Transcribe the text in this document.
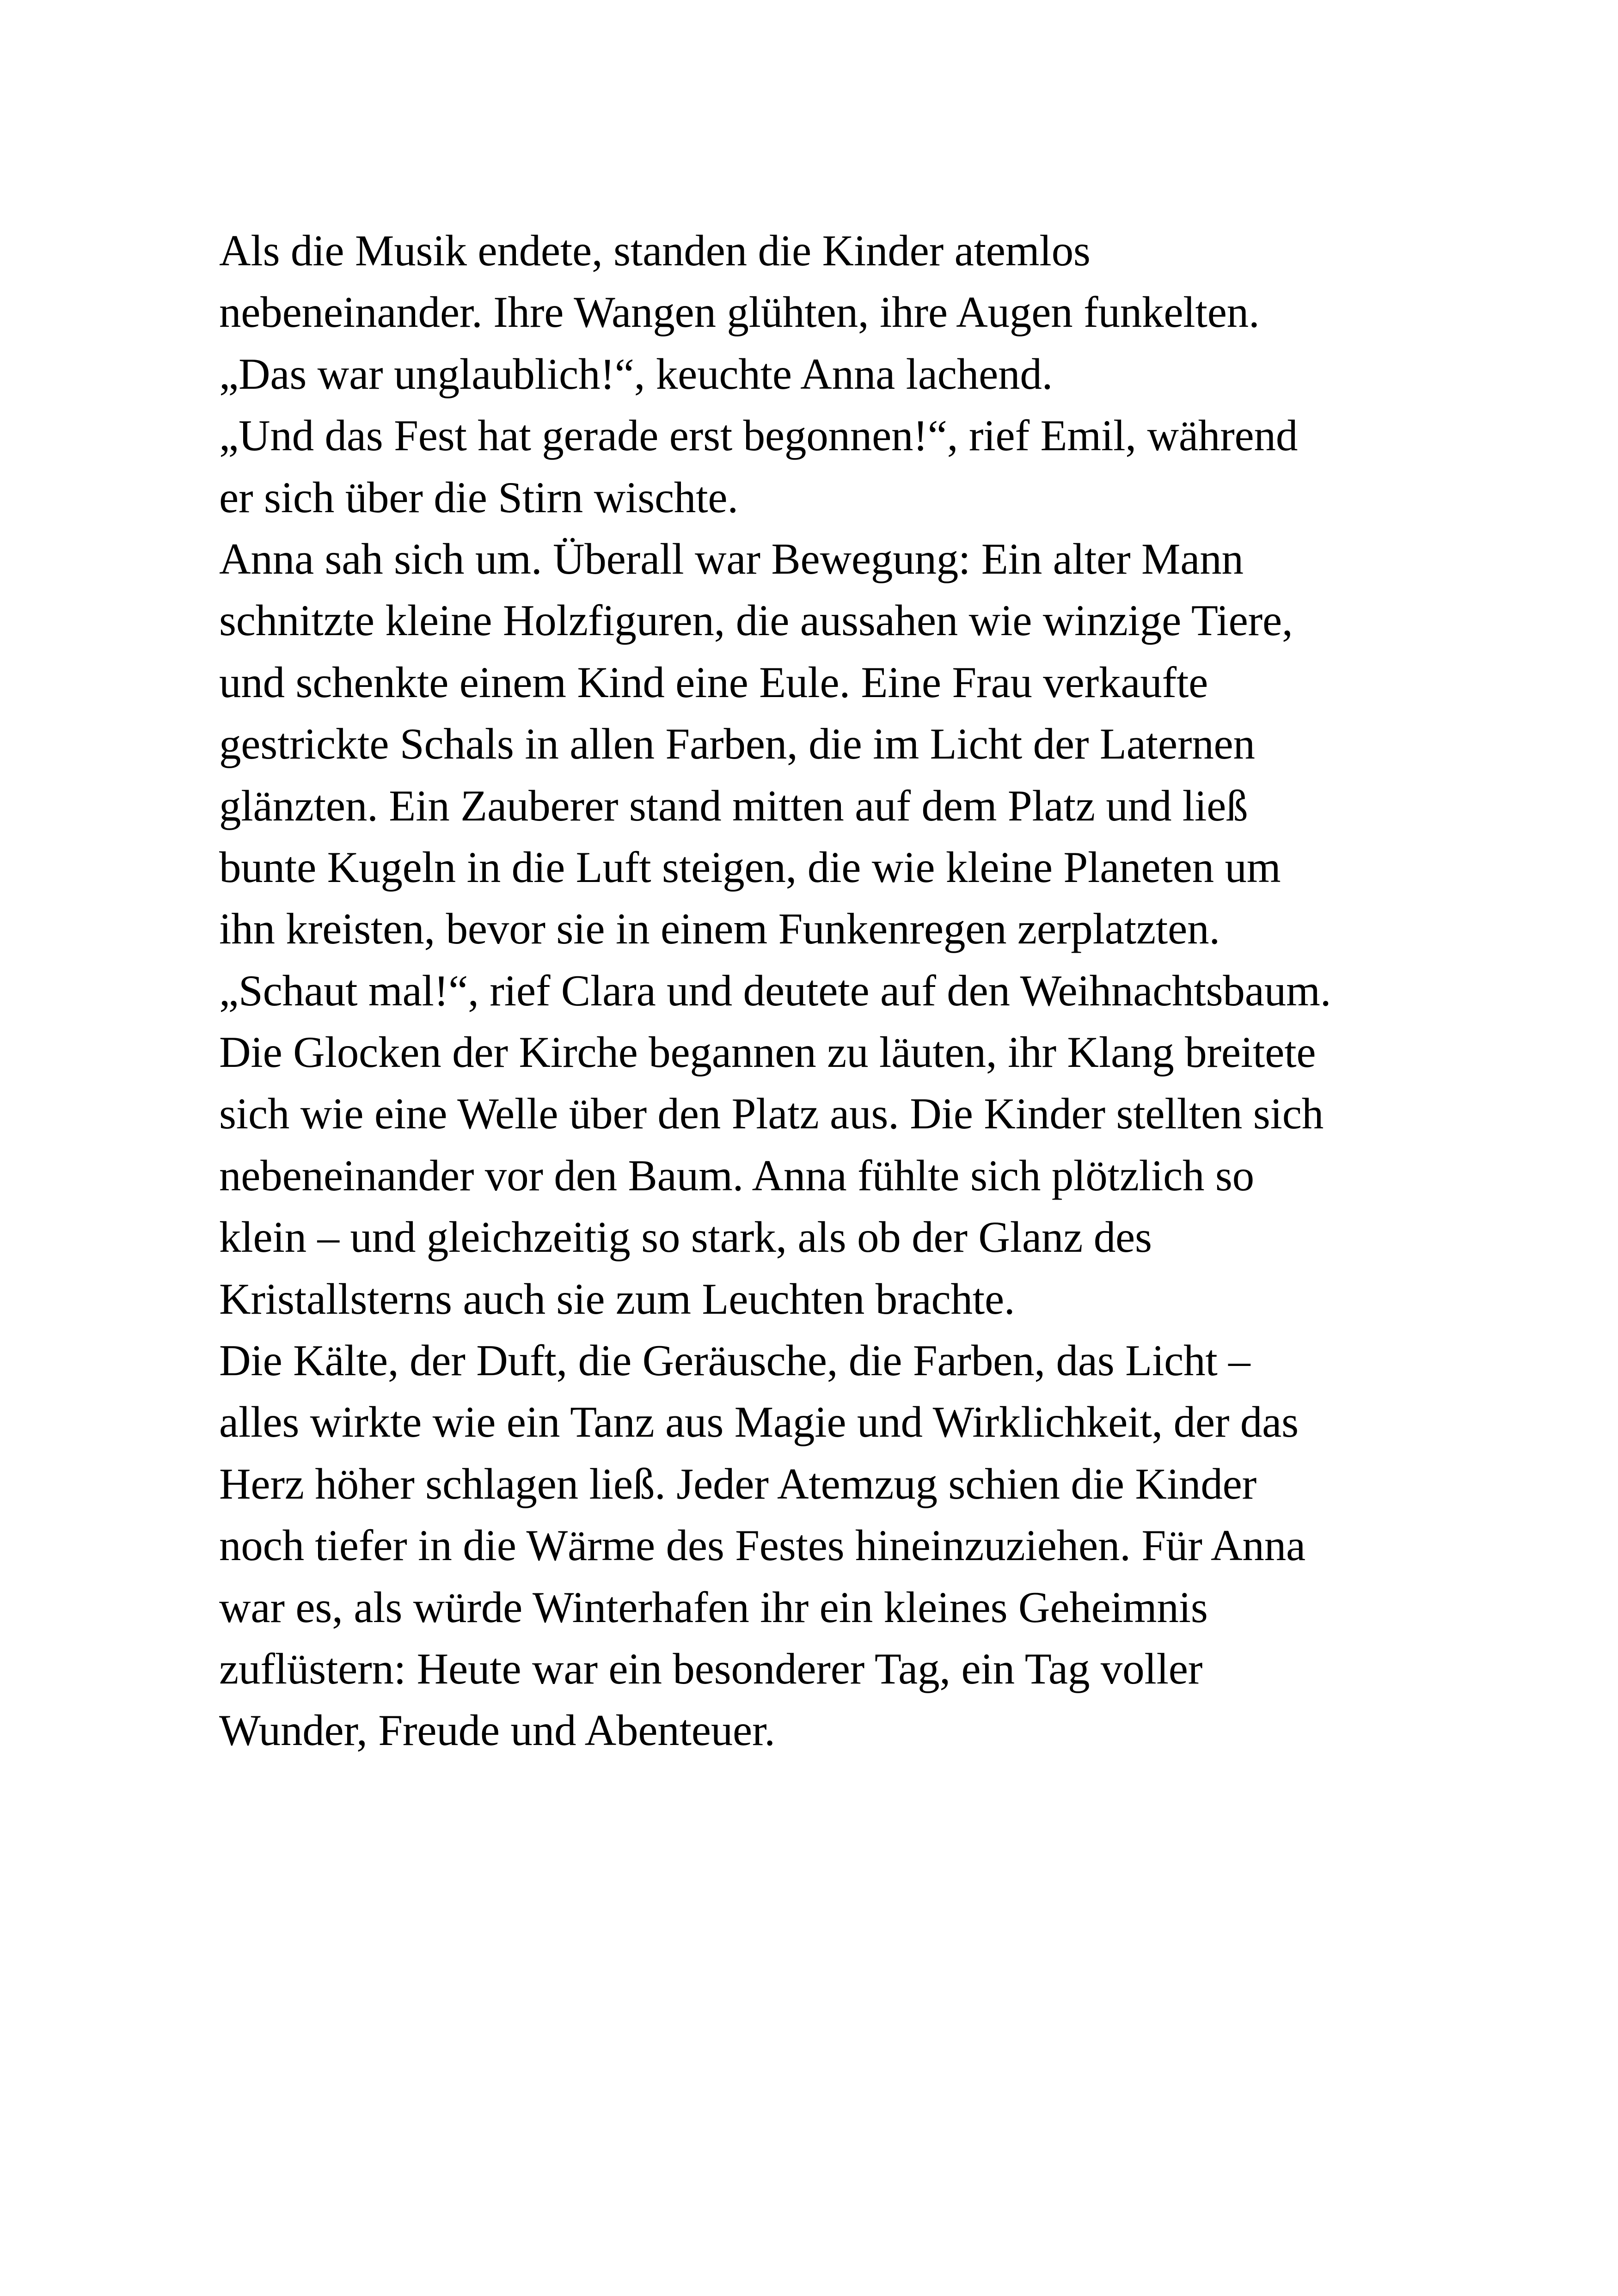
Als die Musik endete, standen die Kinder atemlos
nebeneinander. Ihre Wangen glühten, ihre Augen funkelten.
„Das war unglaublich!“, keuchte Anna lachend.
„Und das Fest hat gerade erst begonnen!“, rief Emil, während
er sich über die Stirn wischte.
Anna sah sich um. Überall war Bewegung: Ein alter Mann
schnitzte kleine Holzfiguren, die aussahen wie winzige Tiere,
und schenkte einem Kind eine Eule. Eine Frau verkaufte
gestrickte Schals in allen Farben, die im Licht der Laternen
glänzten. Ein Zauberer stand mitten auf dem Platz und ließ
bunte Kugeln in die Luft steigen, die wie kleine Planeten um
ihn kreisten, bevor sie in einem Funkenregen zerplatzten.
„Schaut mal!“, rief Clara und deutete auf den Weihnachtsbaum.
Die Glocken der Kirche begannen zu läuten, ihr Klang breitete
sich wie eine Welle über den Platz aus. Die Kinder stellten sich
nebeneinander vor den Baum. Anna fühlte sich plötzlich so
klein – und gleichzeitig so stark, als ob der Glanz des
Kristallsterns auch sie zum Leuchten brachte.
Die Kälte, der Duft, die Geräusche, die Farben, das Licht –
alles wirkte wie ein Tanz aus Magie und Wirklichkeit, der das
Herz höher schlagen ließ. Jeder Atemzug schien die Kinder
noch tiefer in die Wärme des Festes hineinzuziehen. Für Anna
war es, als würde Winterhafen ihr ein kleines Geheimnis
zuflüstern: Heute war ein besonderer Tag, ein Tag voller
Wunder, Freude und Abenteuer.
